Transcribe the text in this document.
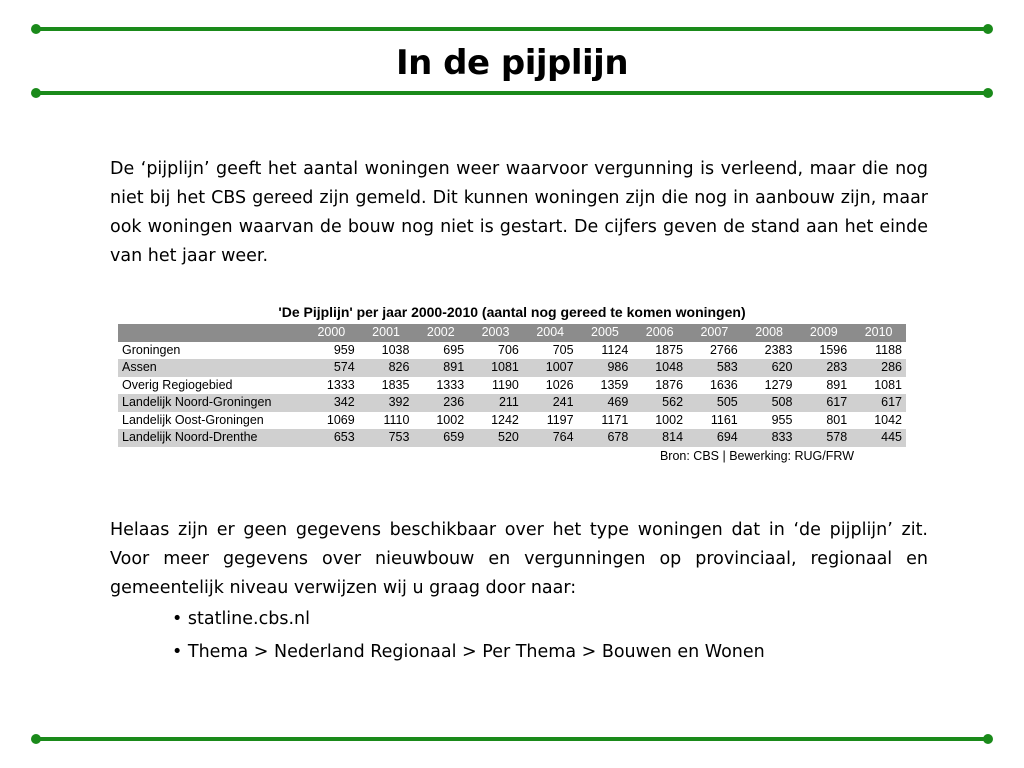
In de pijplijn
De ‘pijplijn’ geeft het aantal woningen weer waarvoor vergunning is verleend, maar die nog niet bij het CBS gereed zijn gemeld. Dit kunnen woningen zijn die nog in aanbouw zijn, maar ook woningen waarvan de bouw nog niet is gestart. De cijfers geven de stand aan het einde van het jaar weer.
'De Pijplijn' per jaar 2000-2010 (aantal nog gereed te komen woningen)
	2000	2001	2002	2003	2004	2005	2006	2007	2008	2009	2010
Groningen	959	1038	695	706	705	1124	1875	2766	2383	1596	1188
Assen	574	826	891	1081	1007	986	1048	583	620	283	286
Overig Regiogebied	1333	1835	1333	1190	1026	1359	1876	1636	1279	891	1081
Landelijk Noord-Groningen	342	392	236	211	241	469	562	505	508	617	617
Landelijk Oost-Groningen	1069	1110	1002	1242	1197	1171	1002	1161	955	801	1042
Landelijk Noord-Drenthe	653	753	659	520	764	678	814	694	833	578	445
Bron: CBS | Bewerking: RUG/FRW
Helaas zijn er geen gegevens beschikbaar over het type woningen dat in ‘de pijplijn’ zit. Voor meer gegevens over nieuwbouw en vergunningen op provinciaal, regionaal en gemeentelijk niveau verwijzen wij u graag door naar:
• statline.cbs.nl
• Thema > Nederland Regionaal > Per Thema > Bouwen en Wonen
